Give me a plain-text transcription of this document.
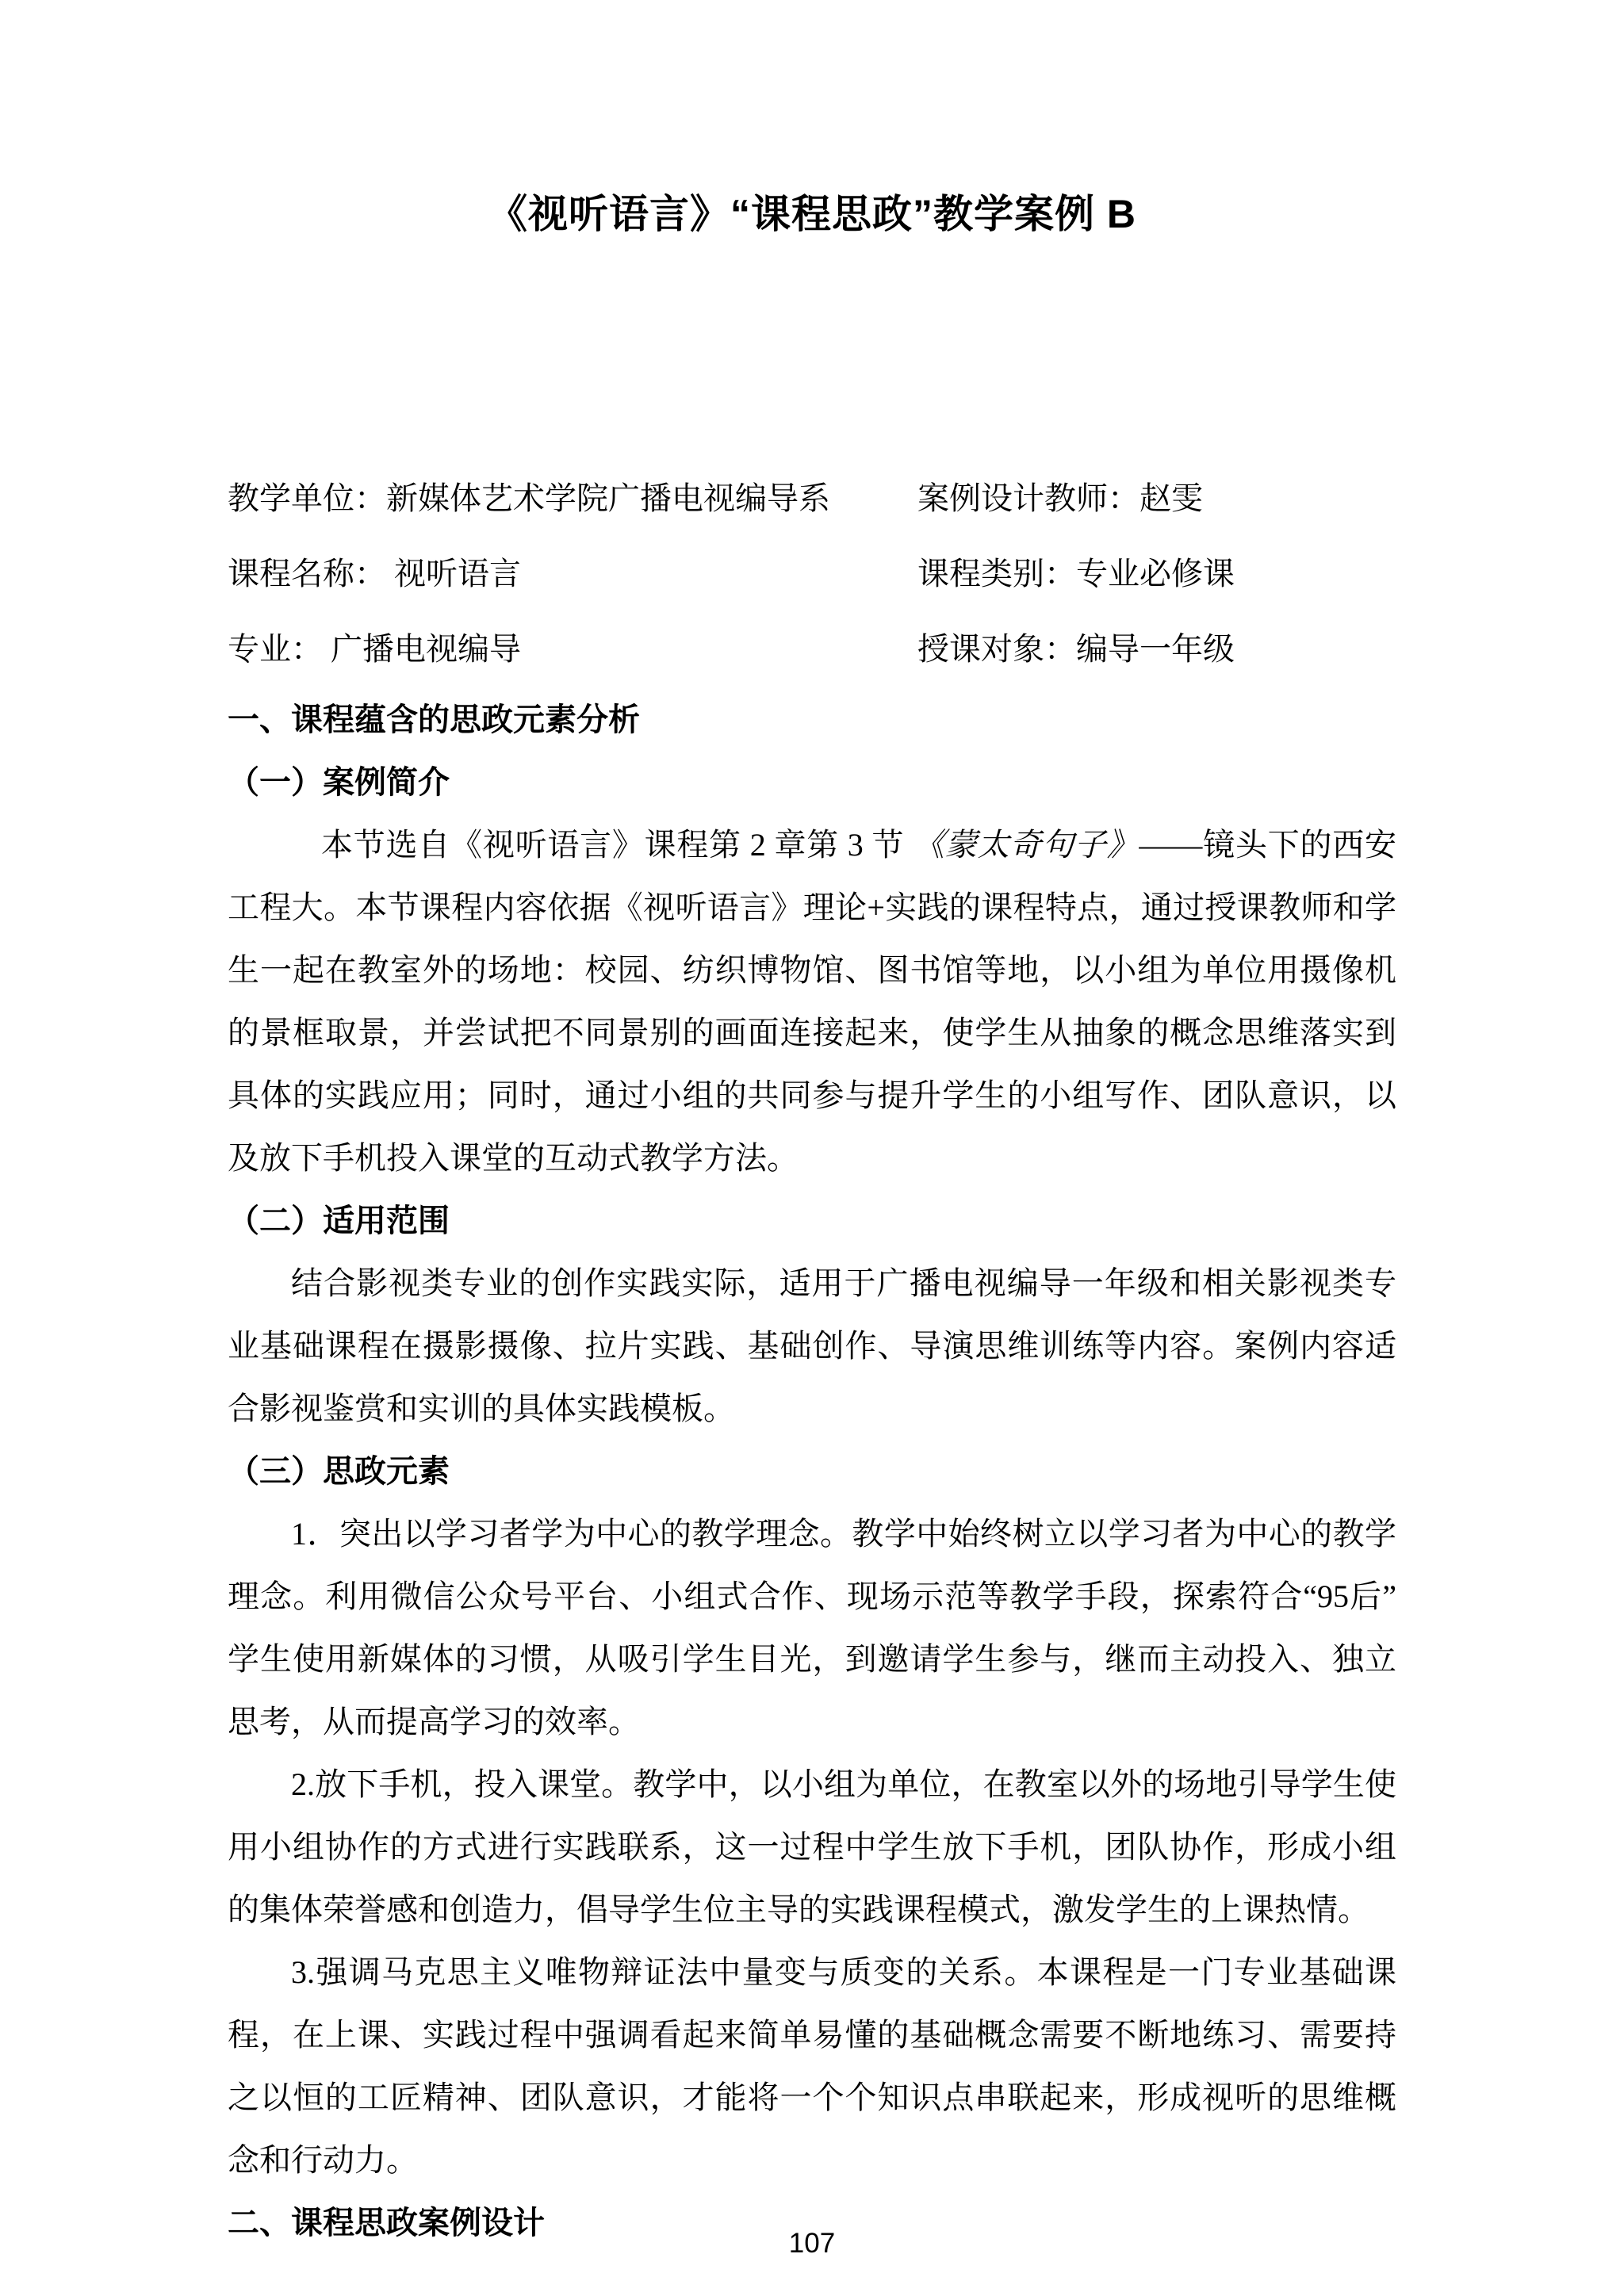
《视听语言》“课程思政”教学案例 B
教学单位：新媒体艺术学院广播电视编导系	案例设计教师：赵雯
课程名称： 视听语言	课程类别：专业必修课
专业： 广播电视编导	授课对象：编导一年级

一、课程蕴含的思政元素分析

（一）案例简介

本节选自《视听语言》课程第 2 章第 3 节 《蒙太奇句子》——镜头下的西安工程大。本节课程内容依据《视听语言》理论+实践的课程特点，通过授课教师和学生一起在教室外的场地：校园、纺织博物馆、图书馆等地，以小组为单位用摄像机的景框取景，并尝试把不同景别的画面连接起来，使学生从抽象的概念思维落实到具体的实践应用；同时，通过小组的共同参与提升学生的小组写作、团队意识，以及放下手机投入课堂的互动式教学方法。

（二）适用范围

结合影视类专业的创作实践实际，适用于广播电视编导一年级和相关影视类专业基础课程在摄影摄像、拉片实践、基础创作、导演思维训练等内容。案例内容适合影视鉴赏和实训的具体实践模板。

（三）思政元素

1．突出以学习者学为中心的教学理念。教学中始终树立以学习者为中心的教学理念。利用微信公众号平台、小组式合作、现场示范等教学手段，探索符合“95后”学生使用新媒体的习惯，从吸引学生目光，到邀请学生参与，继而主动投入、独立思考，从而提高学习的效率。

2.放下手机，投入课堂。教学中，以小组为单位，在教室以外的场地引导学生使用小组协作的方式进行实践联系，这一过程中学生放下手机，团队协作，形成小组的集体荣誉感和创造力，倡导学生位主导的实践课程模式，激发学生的上课热情。

3.强调马克思主义唯物辩证法中量变与质变的关系。本课程是一门专业基础课程，在上课、实践过程中强调看起来简单易懂的基础概念需要不断地练习、需要持之以恒的工匠精神、团队意识，才能将一个个知识点串联起来，形成视听的思维概念和行动力。

二、课程思政案例设计

107
